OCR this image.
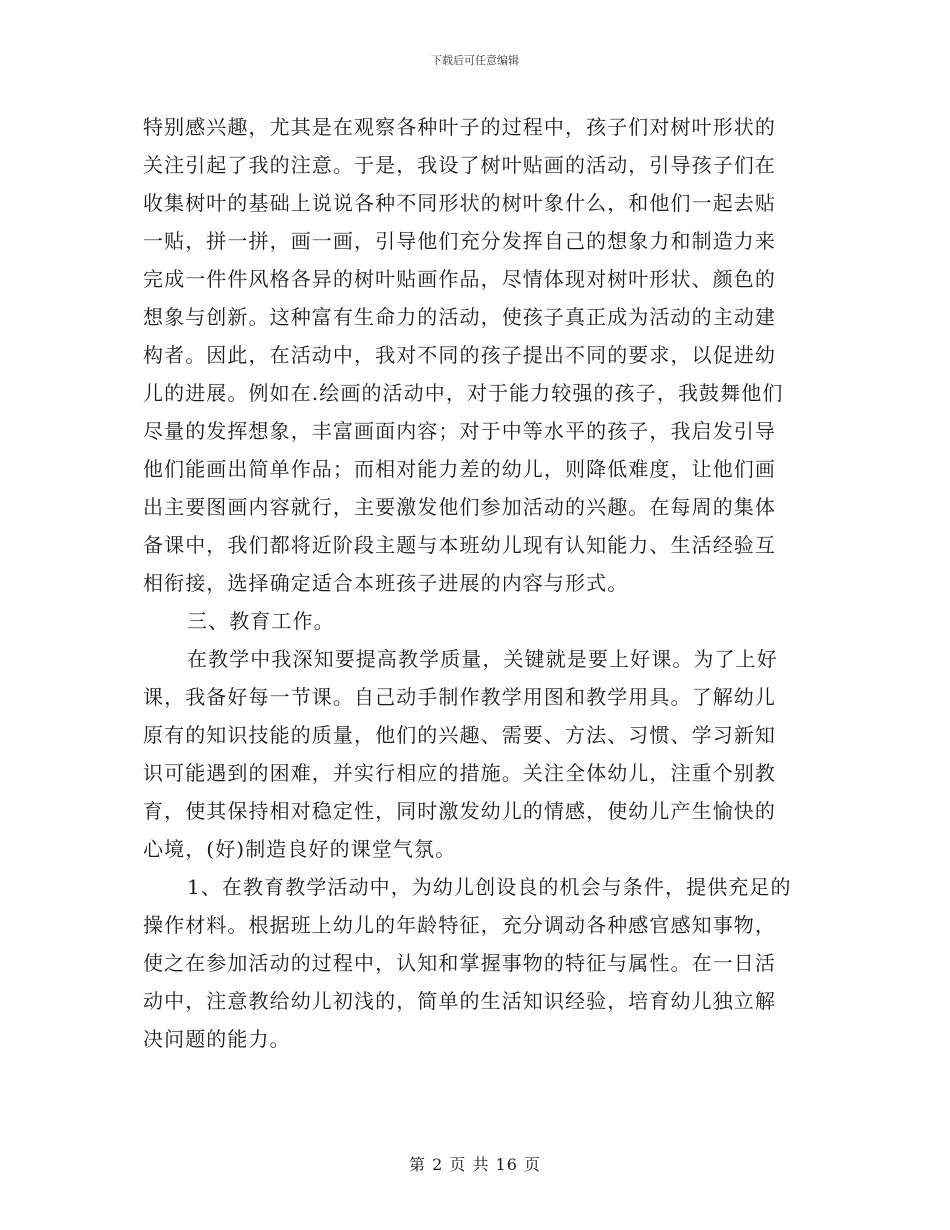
下载后可任意编辑
特别感兴趣，尤其是在观察各种叶子的过程中，孩子们对树叶形状的
关注引起了我的注意。于是，我设了树叶贴画的活动，引导孩子们在
收集树叶的基础上说说各种不同形状的树叶象什么，和他们一起去贴
一贴，拼一拼，画一画，引导他们充分发挥自己的想象力和制造力来
完成一件件风格各异的树叶贴画作品，尽情体现对树叶形状、颜色的
想象与创新。这种富有生命力的活动，使孩子真正成为活动的主动建
构者。因此，在活动中，我对不同的孩子提出不同的要求，以促进幼
儿的进展。例如在.绘画的活动中，对于能力较强的孩子，我鼓舞他们
尽量的发挥想象，丰富画面内容；对于中等水平的孩子，我启发引导
他们能画出简单作品；而相对能力差的幼儿，则降低难度，让他们画
出主要图画内容就行，主要激发他们参加活动的兴趣。在每周的集体
备课中，我们都将近阶段主题与本班幼儿现有认知能力、生活经验互
相衔接，选择确定适合本班孩子进展的内容与形式。
三、教育工作。
在教学中我深知要提高教学质量，关键就是要上好课。为了上好
课，我备好每一节课。自己动手制作教学用图和教学用具。了解幼儿
原有的知识技能的质量，他们的兴趣、需要、方法、习惯、学习新知
识可能遇到的困难，并实行相应的措施。关注全体幼儿，注重个别教
育，使其保持相对稳定性，同时激发幼儿的情感，使幼儿产生愉快的
心境，(好)制造良好的课堂气氛。
1、在教育教学活动中，为幼儿创设良的机会与条件，提供充足的
操作材料。根据班上幼儿的年龄特征，充分调动各种感官感知事物，
使之在参加活动的过程中，认知和掌握事物的特征与属性。在一日活
动中，注意教给幼儿初浅的，简单的生活知识经验，培育幼儿独立解
决问题的能力。
第 2 页 共 16 页
